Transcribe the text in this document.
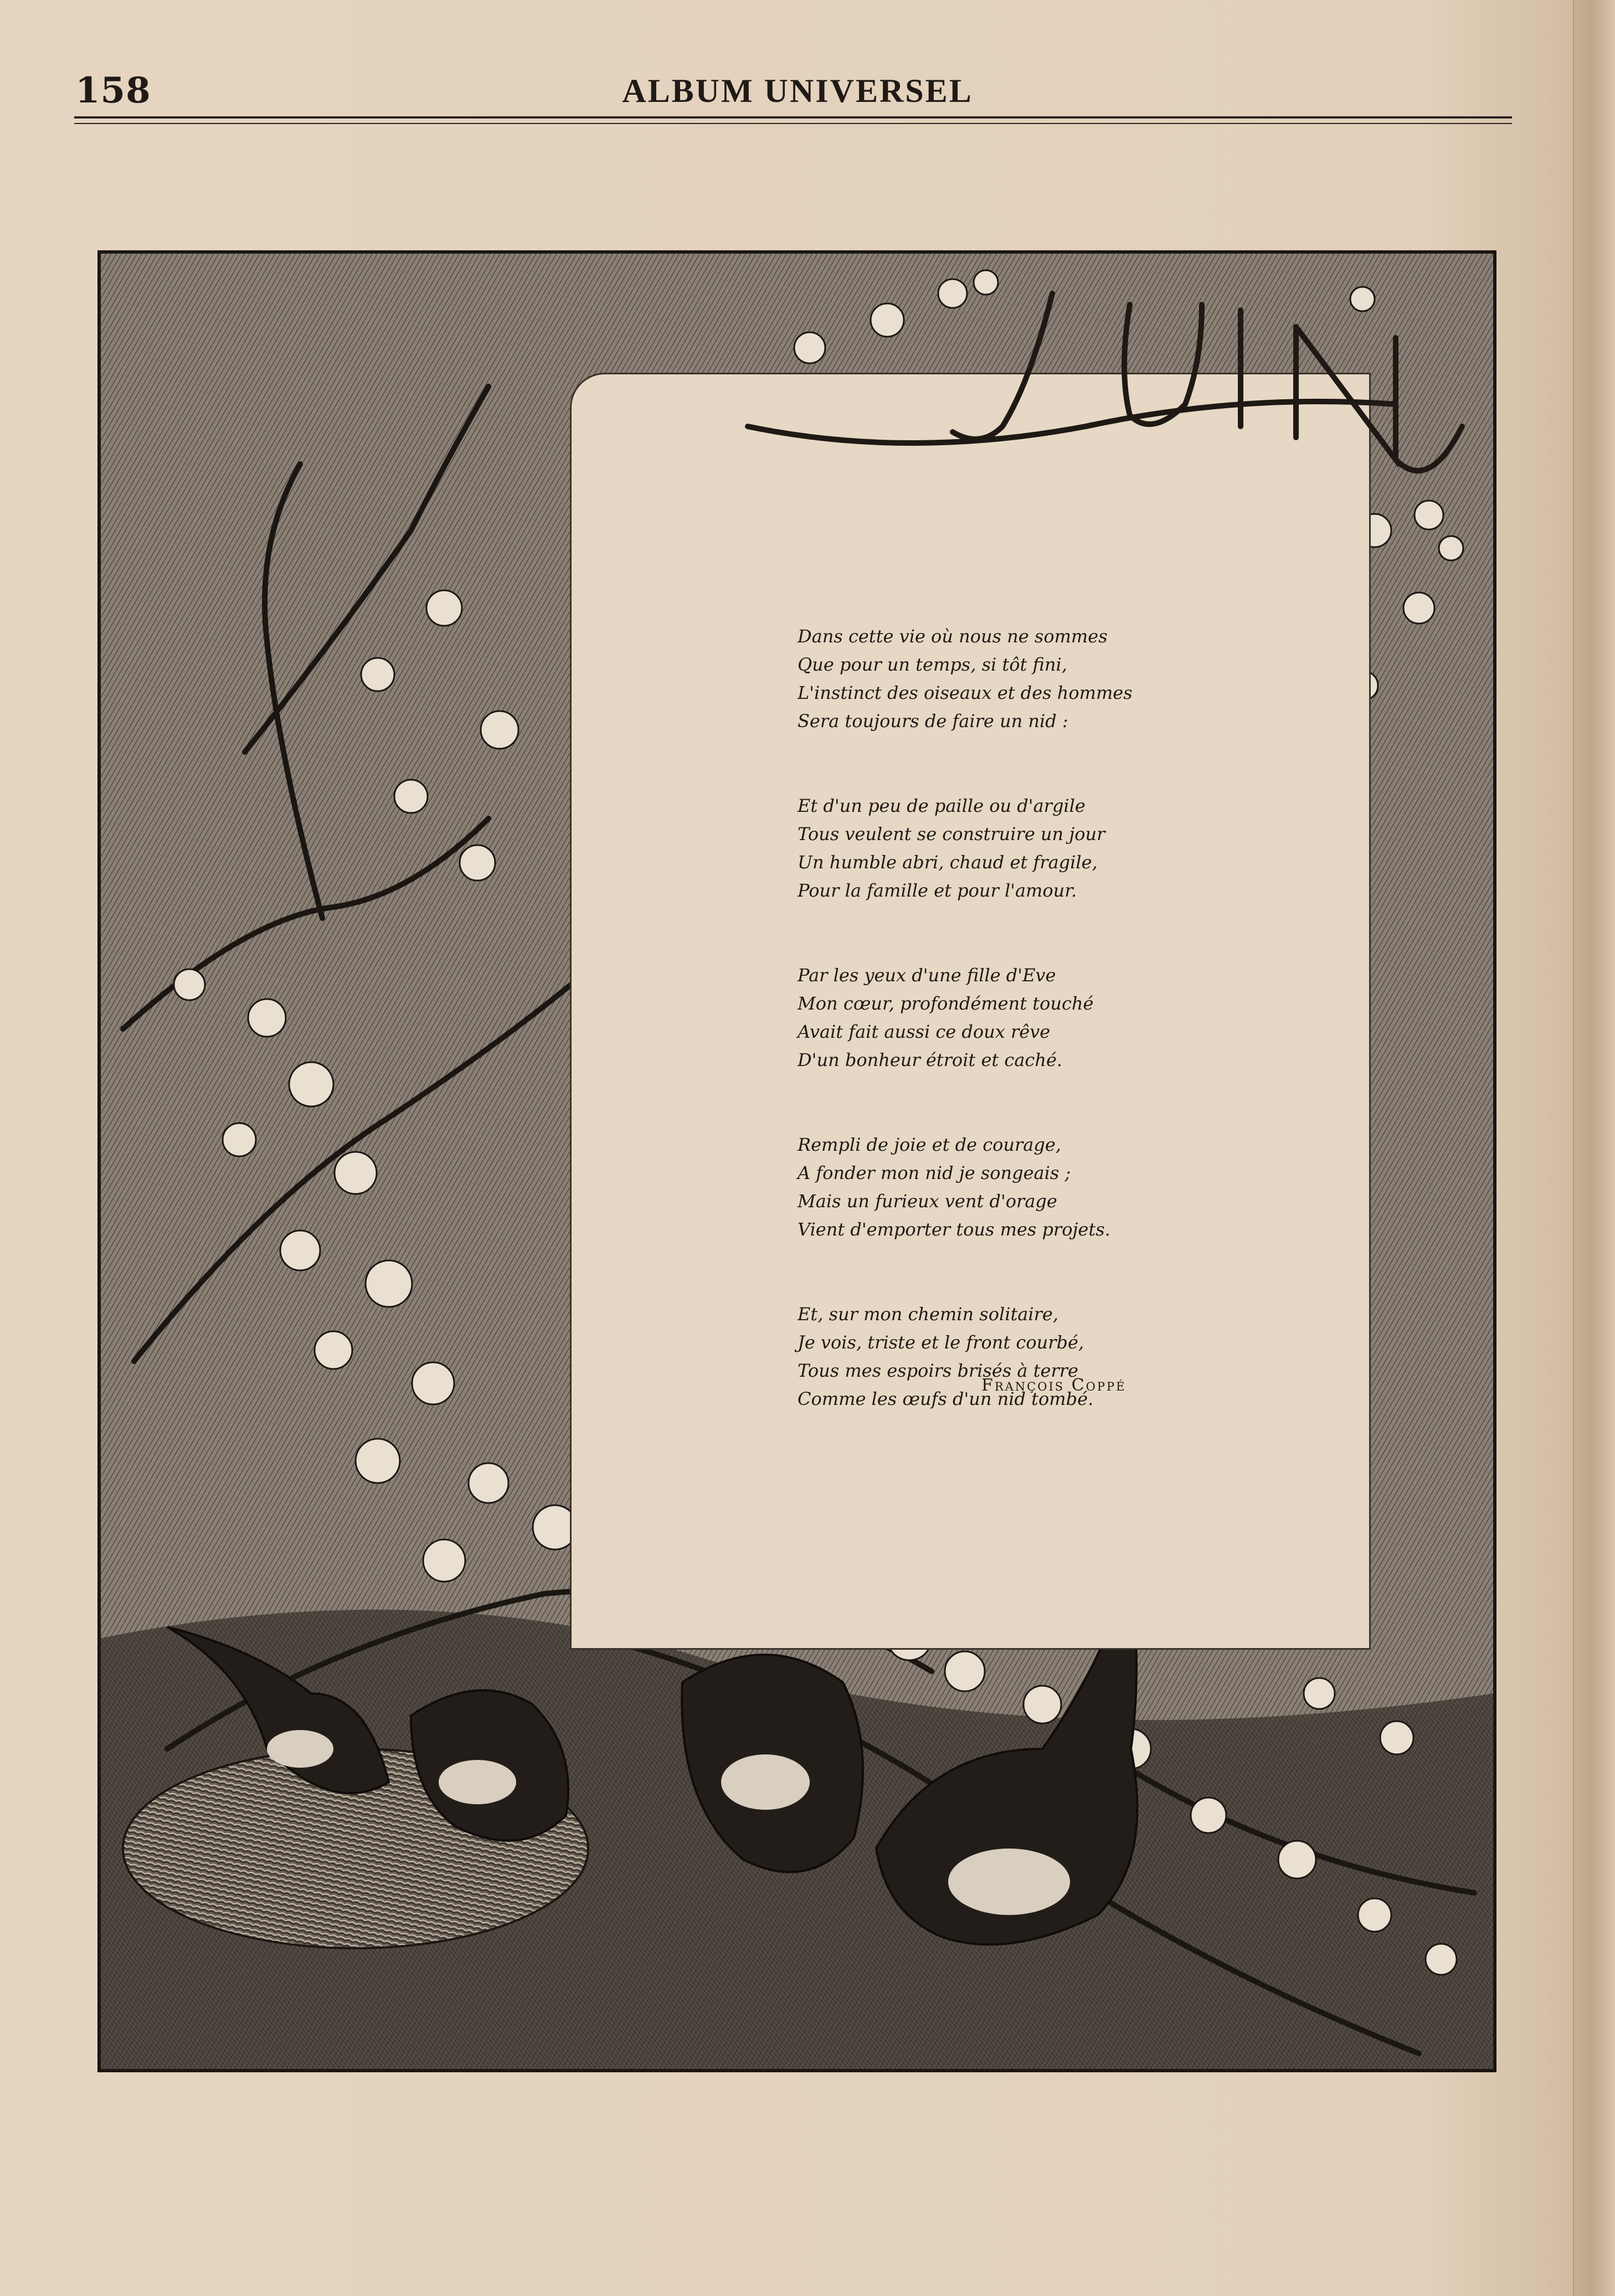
158	ALBUM UNIVERSEL
Dans cette vie où nous ne sommes
Que pour un temps, si tôt fini,
L'instinct des oiseaux et des hommes
Sera toujours de faire un nid :
Et d'un peu de paille ou d'argile
Tous veulent se construire un jour
Un humble abri, chaud et fragile,
Pour la famille et pour l'amour.
Par les yeux d'une fille d'Eve
Mon cœur, profondément touché
Avait fait aussi ce doux rêve
D'un bonheur étroit et caché.
Rempli de joie et de courage,
A fonder mon nid je songeais ;
Mais un furieux vent d'orage
Vient d'emporter tous mes projets.
Et, sur mon chemin solitaire,
Je vois, triste et le front courbé,
Tous mes espoirs brisés à terre
Comme les œufs d'un nid tombé.
François Coppé
